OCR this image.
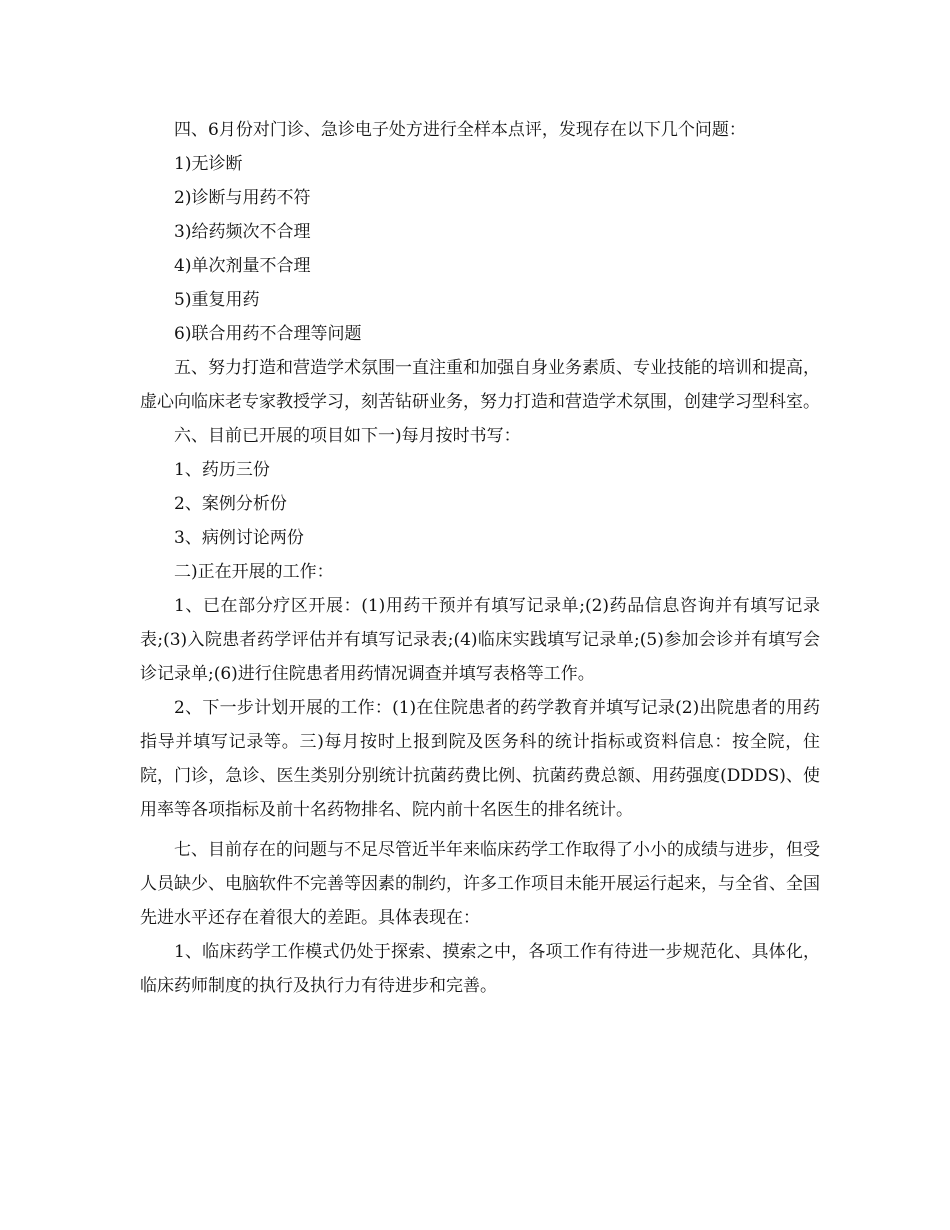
四、6月份对门诊、急诊电子处方进行全样本点评，发现存在以下几个问题：

1)无诊断

2)诊断与用药不符

3)给药频次不合理

4)单次剂量不合理

5)重复用药

6)联合用药不合理等问题

五、努力打造和营造学术氛围一直注重和加强自身业务素质、专业技能的培训和提高，虚心向临床老专家教授学习，刻苦钻研业务，努力打造和营造学术氛围，创建学习型科室。

六、目前已开展的项目如下一)每月按时书写：

1、药历三份

2、案例分析份

3、病例讨论两份

二)正在开展的工作：

1、已在部分疗区开展：(1)用药干预并有填写记录单;(2)药品信息咨询并有填写记录表;(3)入院患者药学评估并有填写记录表;(4)临床实践填写记录单;(5)参加会诊并有填写会诊记录单;(6)进行住院患者用药情况调查并填写表格等工作。

2、下一步计划开展的工作：(1)在住院患者的药学教育并填写记录(2)出院患者的用药指导并填写记录等。三)每月按时上报到院及医务科的统计指标或资料信息：按全院，住院，门诊，急诊、医生类别分别统计抗菌药费比例、抗菌药费总额、用药强度(DDDS)、使用率等各项指标及前十名药物排名、院内前十名医生的排名统计。

七、目前存在的问题与不足尽管近半年来临床药学工作取得了小小的成绩与进步，但受人员缺少、电脑软件不完善等因素的制约，许多工作项目未能开展运行起来，与全省、全国先进水平还存在着很大的差距。具体表现在：

1、临床药学工作模式仍处于探索、摸索之中，各项工作有待进一步规范化、具体化，临床药师制度的执行及执行力有待进步和完善。
